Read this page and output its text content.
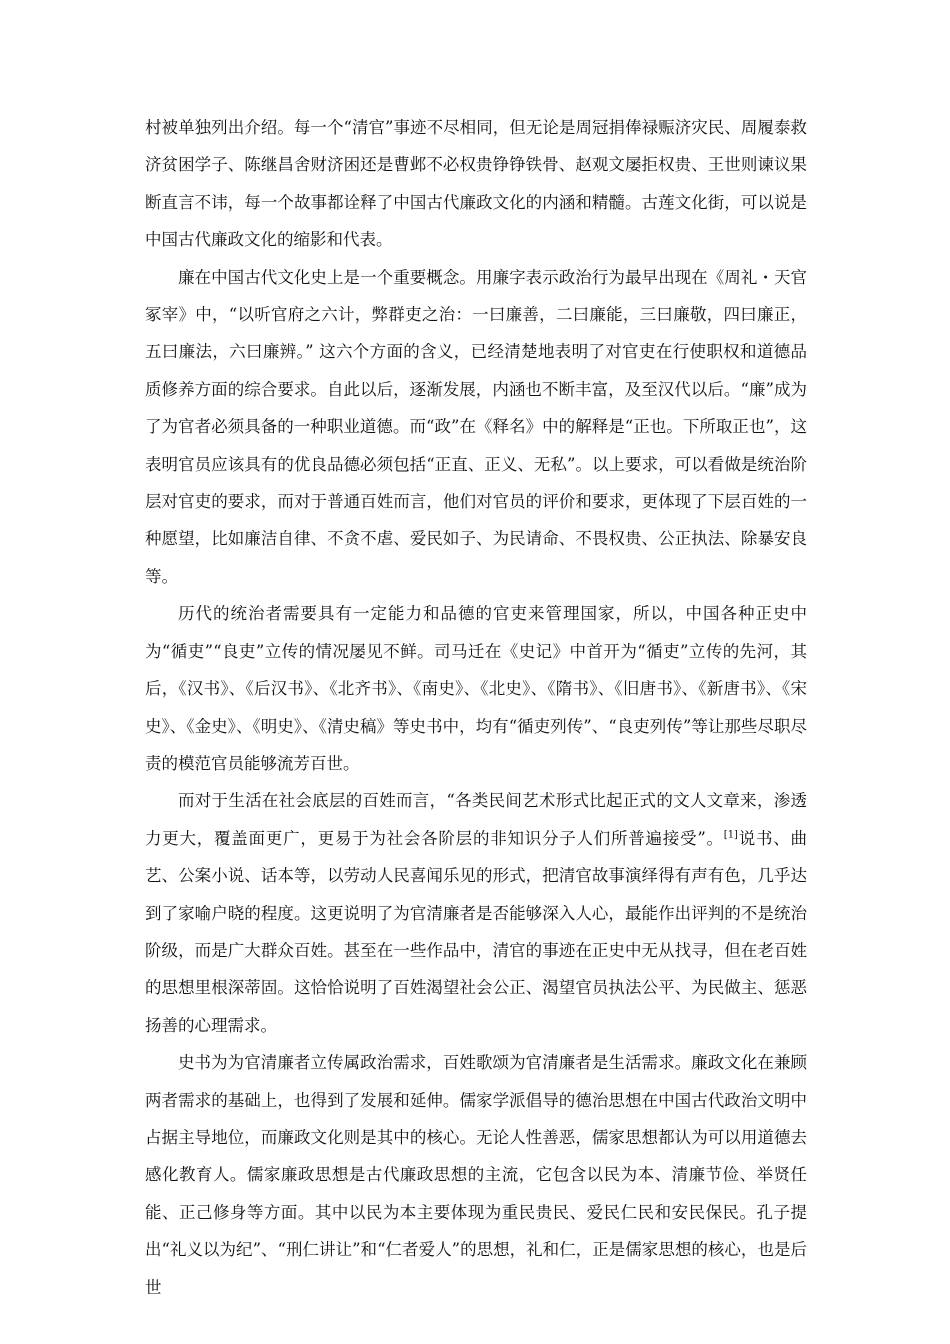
村被单独列出介绍。每一个“清官”事迹不尽相同，但无论是周冠捐俸禄赈济灾民、周履泰救济贫困学子、陈继昌舍财济困还是曹邺不必权贵铮铮铁骨、赵观文屡拒权贵、王世则谏议果断直言不讳，每一个故事都诠释了中国古代廉政文化的内涵和精髓。古莲文化街，可以说是中国古代廉政文化的缩影和代表。

廉在中国古代文化史上是一个重要概念。用廉字表示政治行为最早出现在《周礼・天官冢宰》中，“以听官府之六计，弊群吏之治：一曰廉善，二曰廉能，三曰廉敬，四曰廉正，五曰廉法，六曰廉辨。” 这六个方面的含义，已经清楚地表明了对官吏在行使职权和道德品质修养方面的综合要求。自此以后，逐渐发展，内涵也不断丰富，及至汉代以后。“廉”成为了为官者必须具备的一种职业道德。而“政”在《释名》中的解释是“正也。下所取正也”，这表明官员应该具有的优良品德必须包括“正直、正义、无私”。以上要求，可以看做是统治阶层对官吏的要求，而对于普通百姓而言，他们对官员的评价和要求，更体现了下层百姓的一种愿望，比如廉洁自律、不贪不虐、爱民如子、为民请命、不畏权贵、公正执法、除暴安良等。

历代的统治者需要具有一定能力和品德的官吏来管理国家，所以，中国各种正史中为“循吏”“良吏”立传的情况屡见不鲜。司马迁在《史记》中首开为“循吏”立传的先河，其后，《汉书》、《后汉书》、《北齐书》、《南史》、《北史》、《隋书》、《旧唐书》、《新唐书》、《宋史》、《金史》、《明史》、《清史稿》等史书中，均有“循吏列传”、“良吏列传”等让那些尽职尽责的模范官员能够流芳百世。

而对于生活在社会底层的百姓而言，“各类民间艺术形式比起正式的文人文章来，渗透力更大，覆盖面更广，更易于为社会各阶层的非知识分子人们所普遍接受”。[1]说书、曲艺、公案小说、话本等，以劳动人民喜闻乐见的形式，把清官故事演绎得有声有色，几乎达到了家喻户晓的程度。这更说明了为官清廉者是否能够深入人心，最能作出评判的不是统治阶级，而是广大群众百姓。甚至在一些作品中，清官的事迹在正史中无从找寻，但在老百姓的思想里根深蒂固。这恰恰说明了百姓渴望社会公正、渴望官员执法公平、为民做主、惩恶扬善的心理需求。

史书为为官清廉者立传属政治需求，百姓歌颂为官清廉者是生活需求。廉政文化在兼顾两者需求的基础上，也得到了发展和延伸。儒家学派倡导的德治思想在中国古代政治文明中占据主导地位，而廉政文化则是其中的核心。无论人性善恶，儒家思想都认为可以用道德去感化教育人。儒家廉政思想是古代廉政思想的主流，它包含以民为本、清廉节俭、举贤任能、正己修身等方面。其中以民为本主要体现为重民贵民、爱民仁民和安民保民。孔子提出“礼义以为纪”、“刑仁讲让”和“仁者爱人”的思想，礼和仁，正是儒家思想的核心，也是后世
